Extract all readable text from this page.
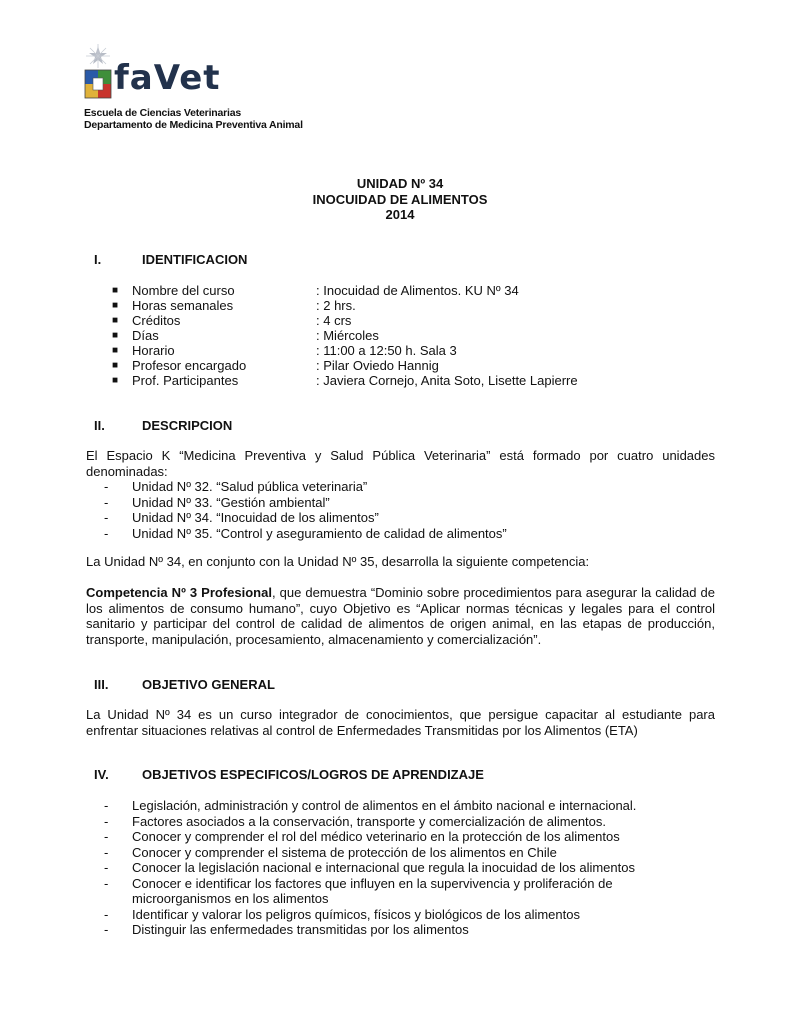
faVet
Escuela de Ciencias Veterinarias
Departamento de Medicina Preventiva Animal
UNIDAD Nº 34
INOCUIDAD DE ALIMENTOS
2014
I.	IDENTIFICACION
■ Nombre del curso	: Inocuidad de Alimentos. KU Nº 34
■ Horas semanales	: 2 hrs.
■ Créditos	: 4 crs
■ Días	: Miércoles
■ Horario	: 11:00 a 12:50 h. Sala 3
■ Profesor encargado	: Pilar Oviedo Hannig
■ Prof. Participantes	: Javiera Cornejo, Anita Soto, Lisette Lapierre
II.	DESCRIPCION

El Espacio K “Medicina Preventiva y Salud Pública Veterinaria” está formado por cuatro unidades denominadas:

- Unidad Nº 32. “Salud pública veterinaria”
- Unidad Nº 33. “Gestión ambiental”
- Unidad Nº 34. “Inocuidad de los alimentos”
- Unidad Nº 35. “Control y aseguramiento de calidad de alimentos”

La Unidad Nº 34, en conjunto con la Unidad Nº 35, desarrolla la siguiente competencia:

Competencia Nº 3 Profesional, que demuestra “Dominio sobre procedimientos para asegurar la calidad de los alimentos de consumo humano”, cuyo Objetivo es “Aplicar normas técnicas y legales para el control sanitario y participar del control de calidad de alimentos de origen animal, en las etapas de producción, transporte, manipulación, procesamiento, almacenamiento y comercialización”.

III.	OBJETIVO GENERAL

La Unidad Nº 34 es un curso integrador de conocimientos, que persigue capacitar al estudiante para enfrentar situaciones relativas al control de Enfermedades Transmitidas por los Alimentos (ETA)

IV.	OBJETIVOS ESPECIFICOS/LOGROS DE APRENDIZAJE
- Legislación, administración y control de alimentos en el ámbito nacional e internacional.
- Factores asociados a la conservación, transporte y comercialización de alimentos.
- Conocer y comprender el rol del médico veterinario en la protección de los alimentos
- Conocer y comprender el sistema de protección de los alimentos en Chile
- Conocer la legislación nacional e internacional que regula la inocuidad de los alimentos
- Conocer e identificar los factores que influyen en la supervivencia y proliferación de microorganismos en los alimentos
- Identificar y valorar los peligros químicos, físicos y biológicos de los alimentos
- Distinguir las enfermedades transmitidas por los alimentos
